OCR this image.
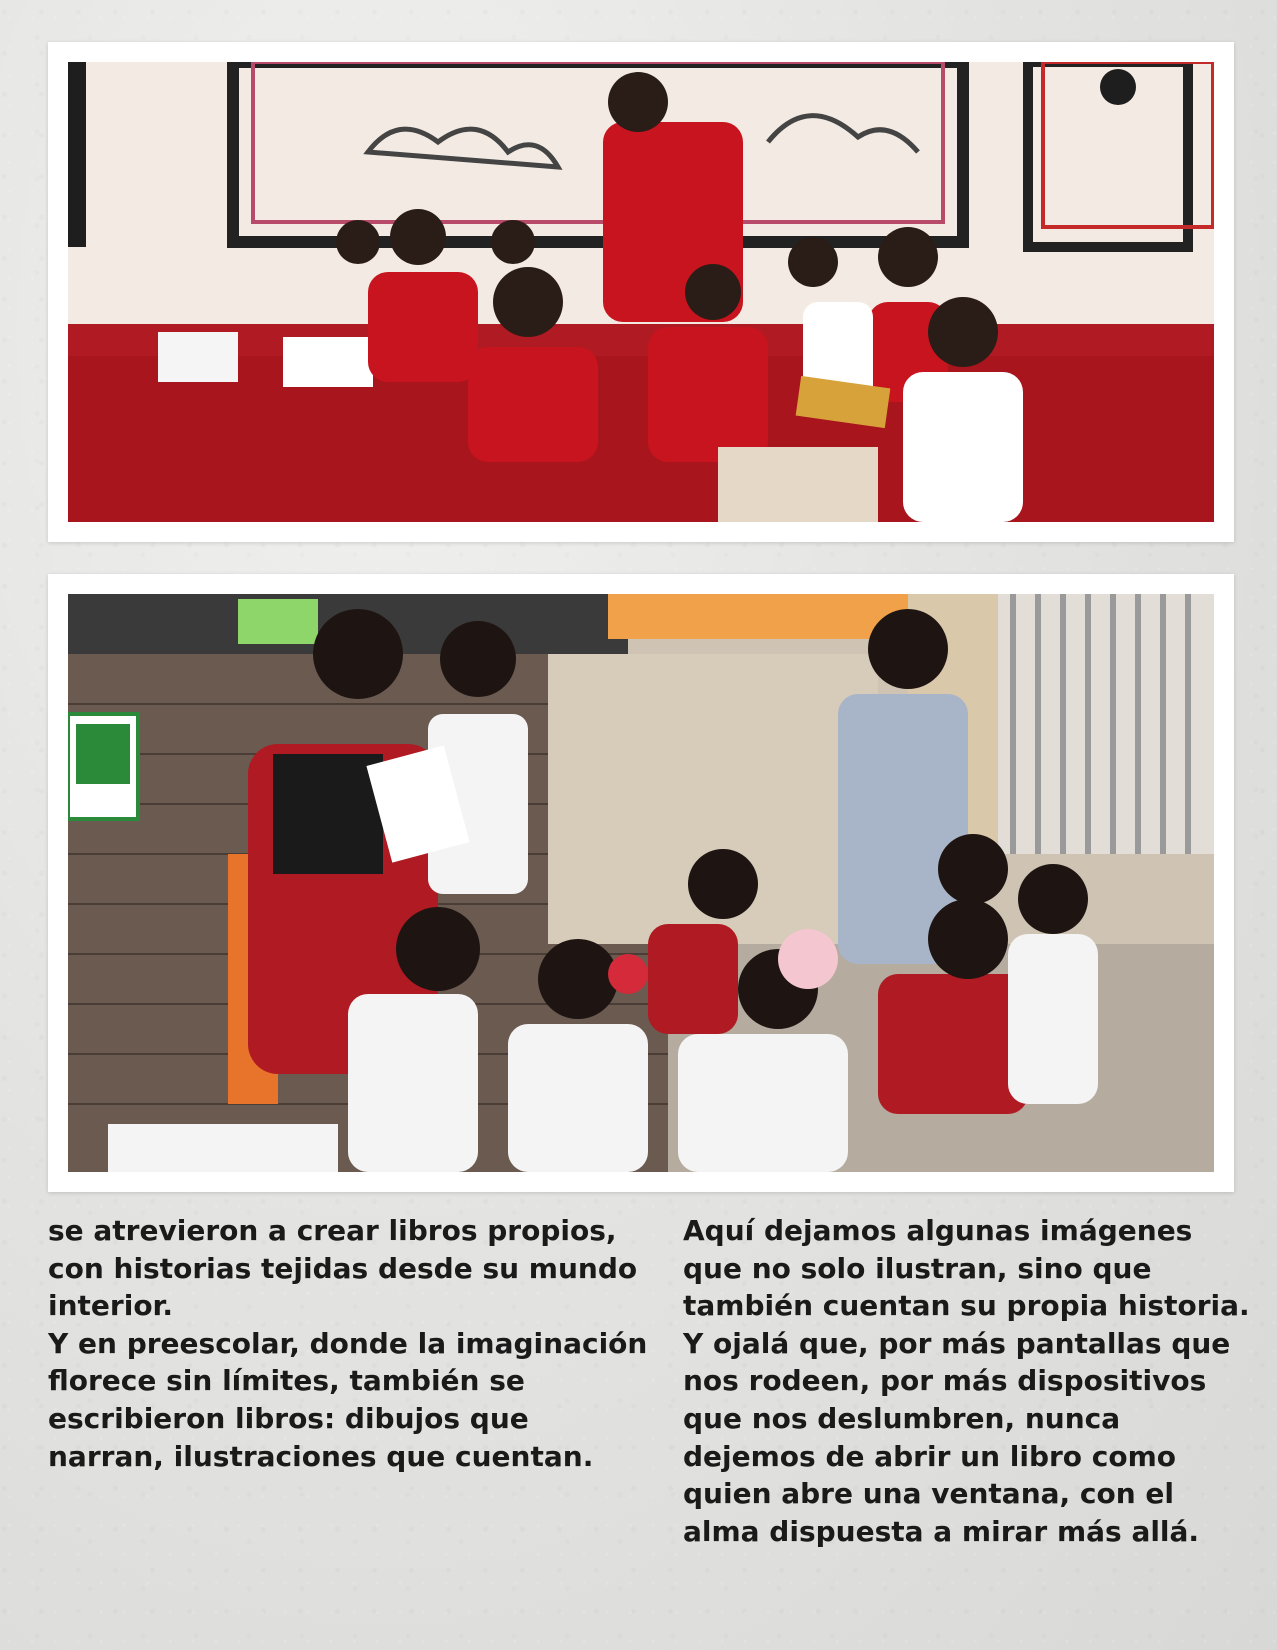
se atrevieron a crear libros propios, con historias tejidas desde su mundo interior.

Y en preescolar, donde la imaginación florece sin límites, también se escribieron libros: dibujos que narran, ilustraciones que cuentan.

Aquí dejamos algunas imágenes que no solo ilustran, sino que también cuentan su propia historia.

Y ojalá que, por más pantallas que nos rodeen, por más dispositivos que nos deslumbren, nunca dejemos de abrir un libro como quien abre una ventana, con el alma dispuesta a mirar más allá.
